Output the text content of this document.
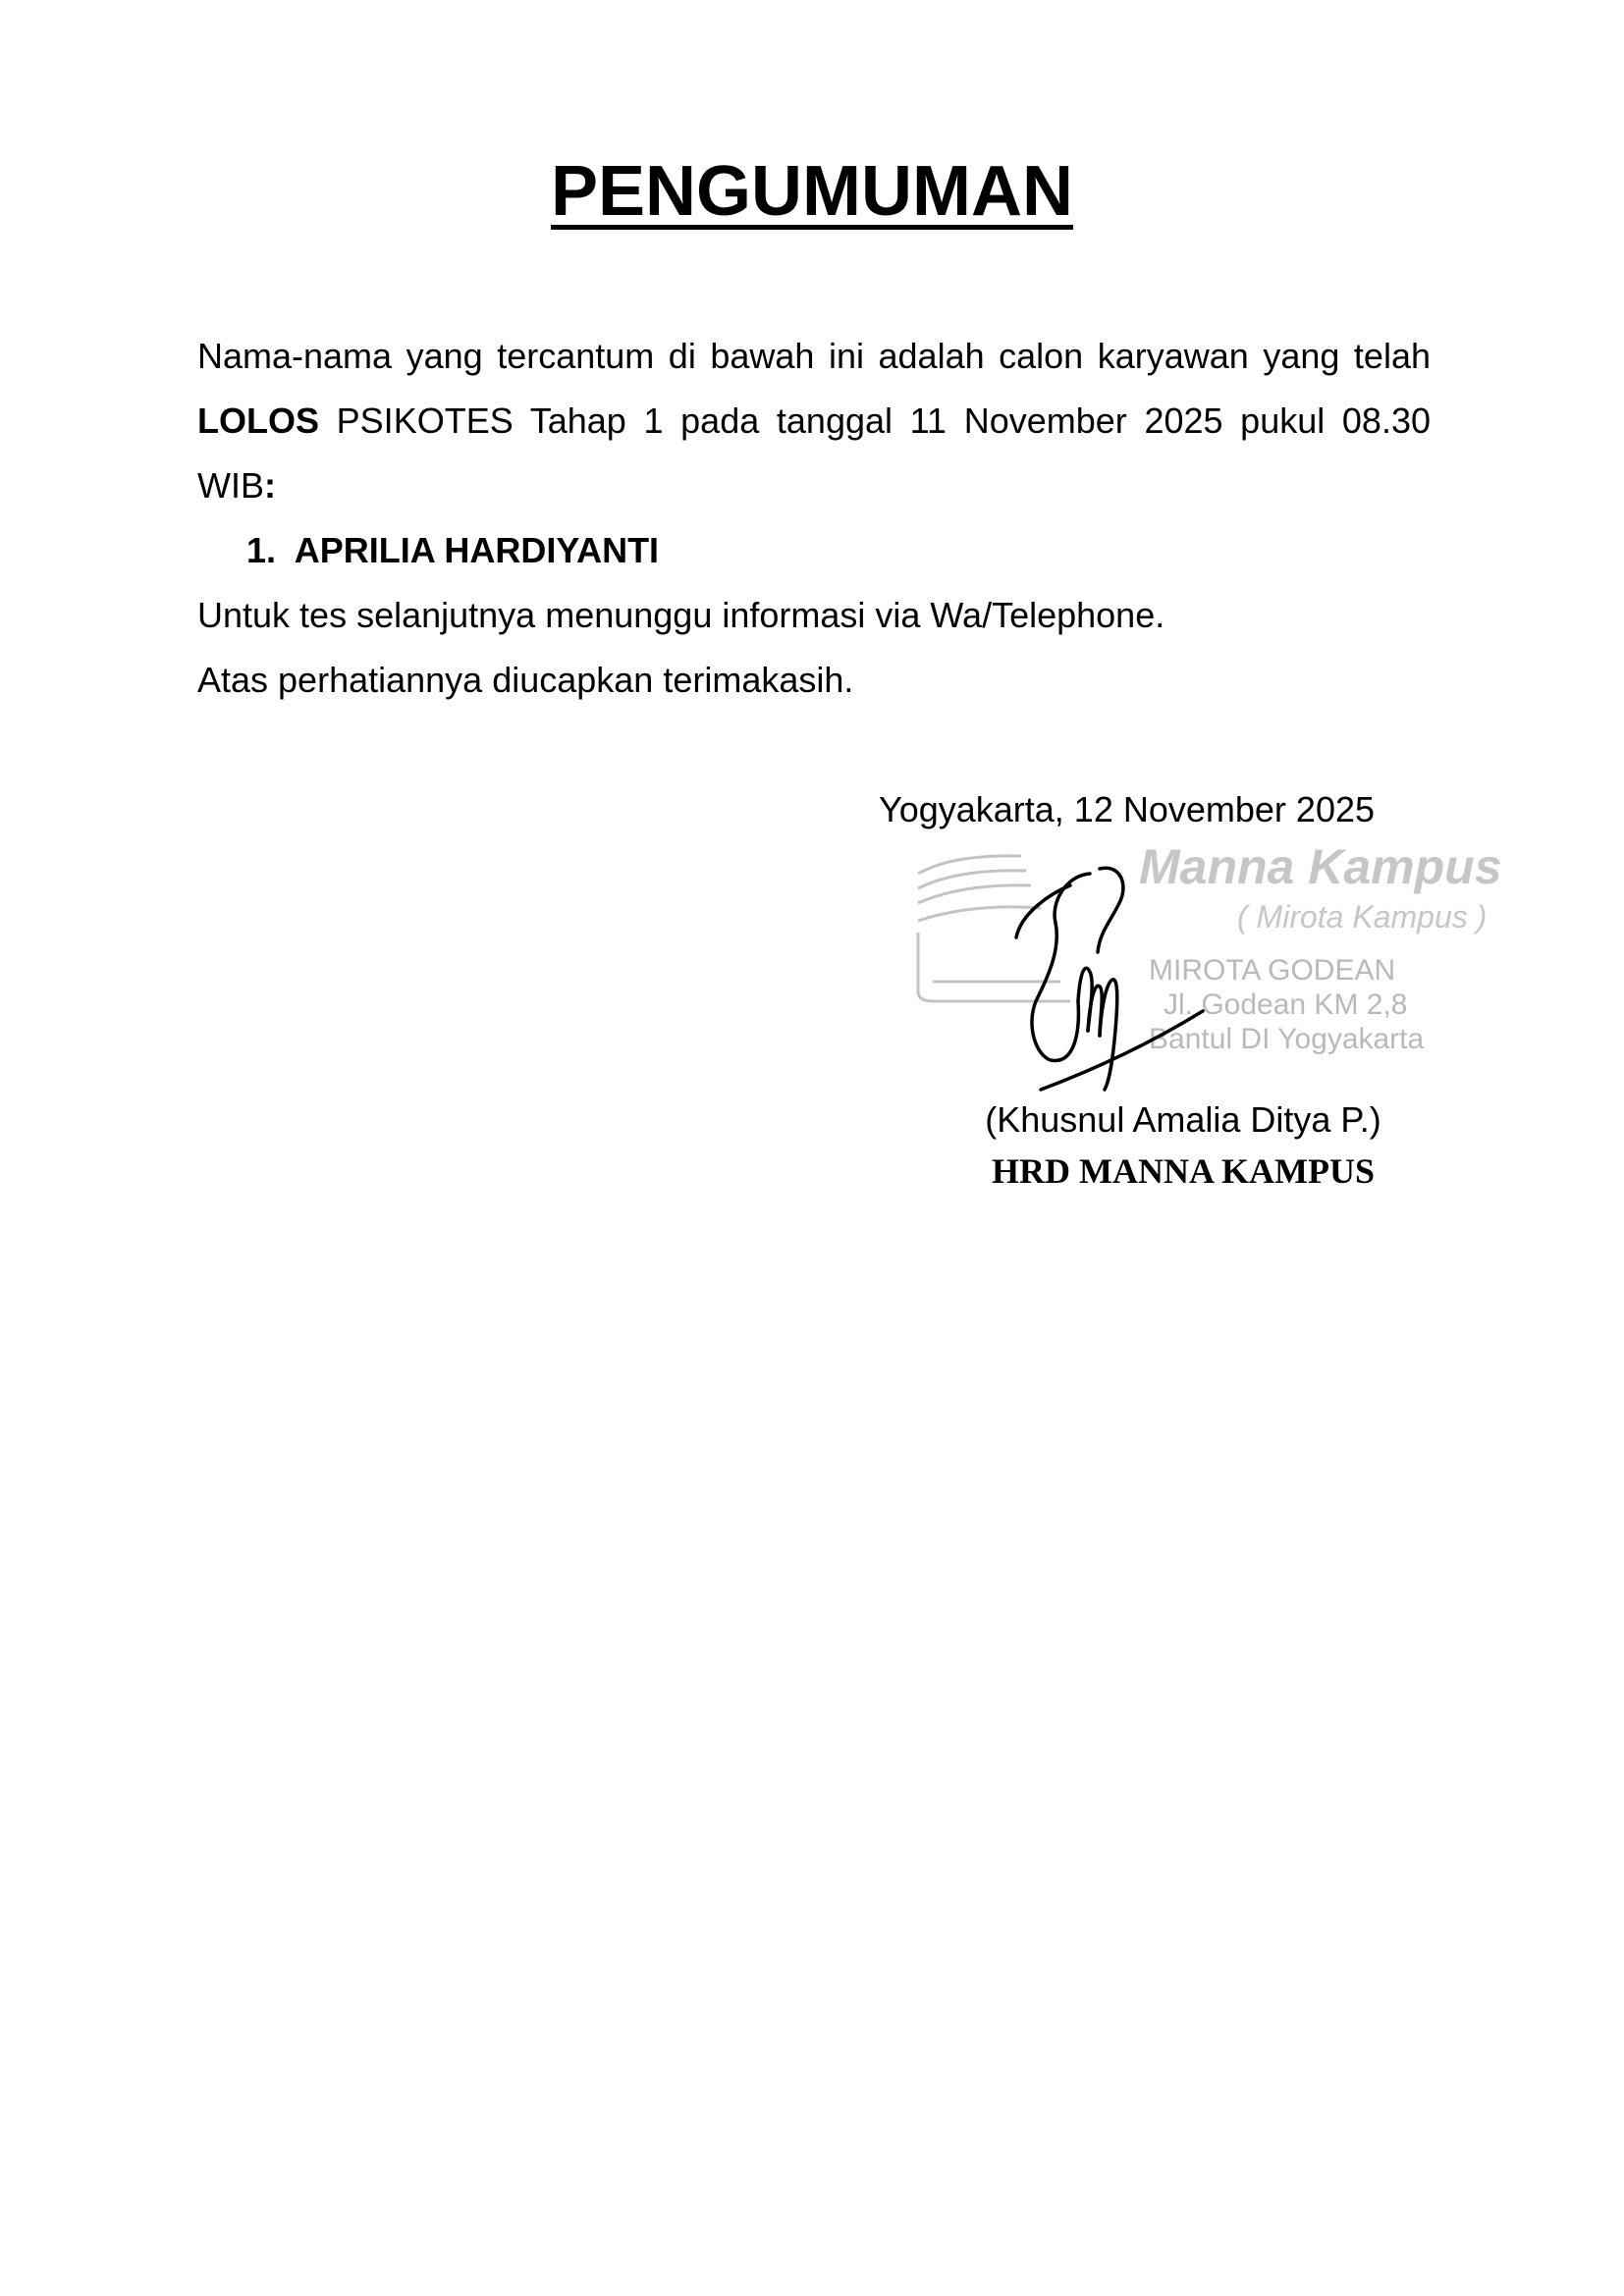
PENGUMUMAN

Nama-nama yang tercantum di bawah ini adalah calon karyawan yang telah LOLOS PSIKOTES Tahap 1 pada tanggal 11 November 2025 pukul 08.30 WIB:

1. APRILIA HARDIYANTI

Untuk tes selanjutnya menunggu informasi via Wa/Telephone.

Atas perhatiannya diucapkan terimakasih.

Yogyakarta, 12 November 2025
Manna Kampus
( Mirota Kampus )
MIROTA GODEAN
Jl. Godean KM 2,8
Bantul DI Yogyakarta
(Khusnul Amalia Ditya P.)
HRD MANNA KAMPUS
